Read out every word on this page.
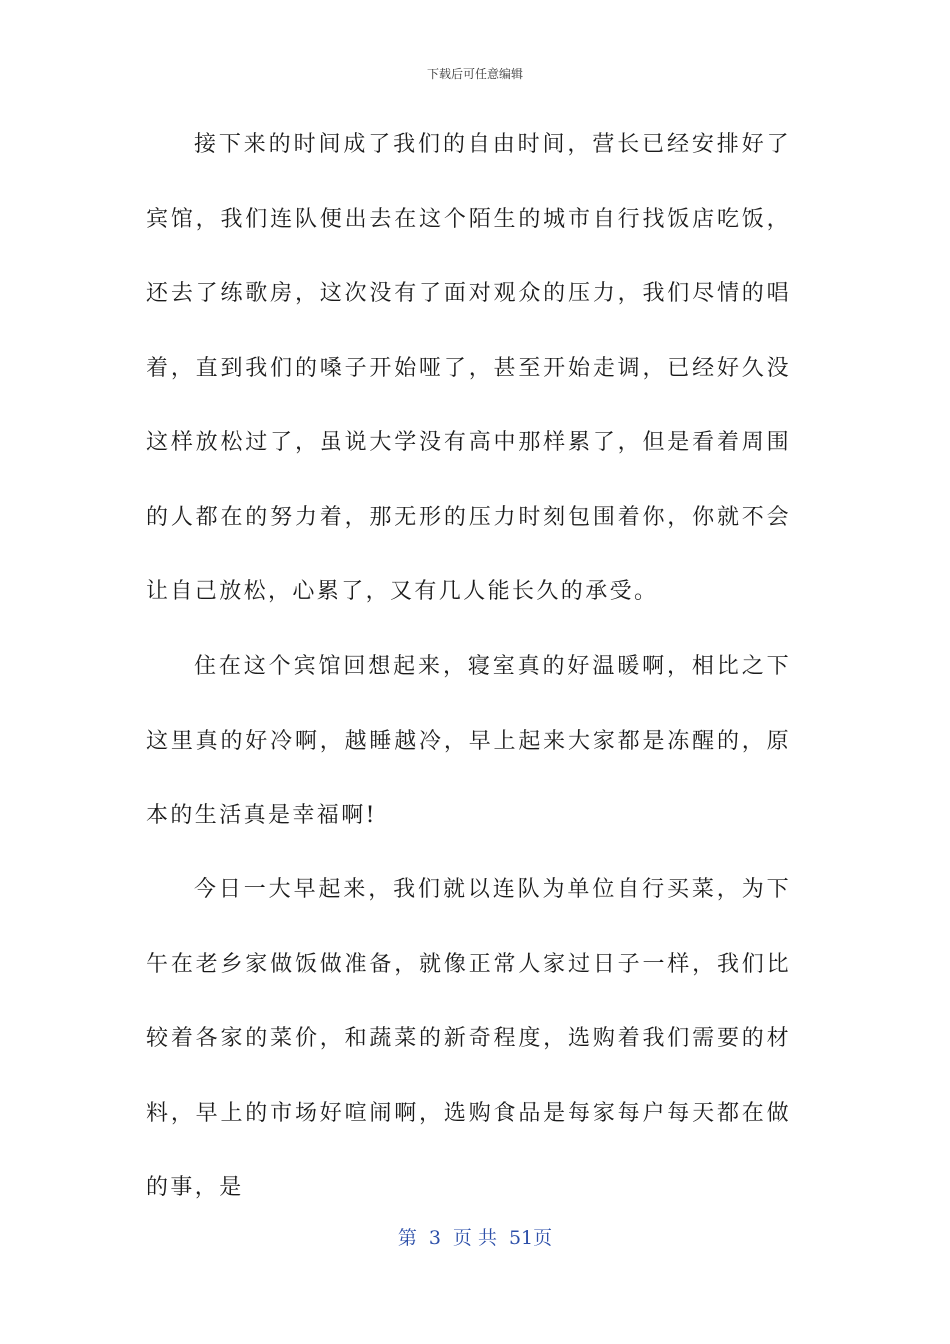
下载后可任意编辑

接下来的时间成了我们的自由时间，营长已经安排好了宾馆，我们连队便出去在这个陌生的城市自行找饭店吃饭，还去了练歌房，这次没有了面对观众的压力，我们尽情的唱着，直到我们的嗓子开始哑了，甚至开始走调，已经好久没这样放松过了，虽说大学没有高中那样累了，但是看着周围的人都在的努力着，那无形的压力时刻包围着你，你就不会让自己放松，心累了，又有几人能长久的承受。

住在这个宾馆回想起来，寝室真的好温暖啊，相比之下这里真的好冷啊，越睡越冷，早上起来大家都是冻醒的，原本的生活真是幸福啊!

今日一大早起来，我们就以连队为单位自行买菜，为下午在老乡家做饭做准备，就像正常人家过日子一样，我们比较着各家的菜价，和蔬菜的新奇程度，选购着我们需要的材料，早上的市场好喧闹啊，选购食品是每家每户每天都在做的事，是

第 3 页 共 51页
